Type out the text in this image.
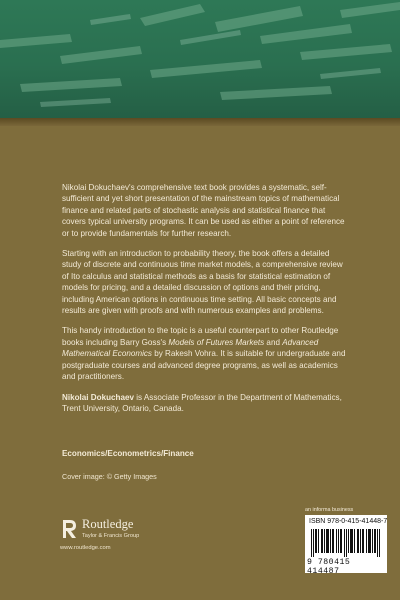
Nikolai Dokuchaev's comprehensive text book provides a systematic, self-sufficient and yet short presentation of the mainstream topics of mathematical finance and related parts of stochastic analysis and statistical finance that covers typical university programs. It can be used as either a point of reference or to provide fundamentals for further research.

Starting with an introduction to probability theory, the book offers a detailed study of discrete and continuous time market models, a comprehensive review of Ito calculus and statistical methods as a basis for statistical estimation of models for pricing, and a detailed discussion of options and their pricing, including American options in continuous time setting. All basic concepts and results are given with proofs and with numerous examples and problems.

This handy introduction to the topic is a useful counterpart to other Routledge books including Barry Goss's Models of Futures Markets and Advanced Mathematical Economics by Rakesh Vohra. It is suitable for undergraduate and postgraduate courses and advanced degree programs, as well as academics and practitioners.

Nikolai Dokuchaev is Associate Professor in the Department of Mathematics, Trent University, Ontario, Canada.

Economics/Econometrics/Finance
Cover image: © Getty Images
an informa business
Routledge
Taylor & Francis Group
www.routledge.com
ISBN 978-0-415-41448-7
9 780415 414487
